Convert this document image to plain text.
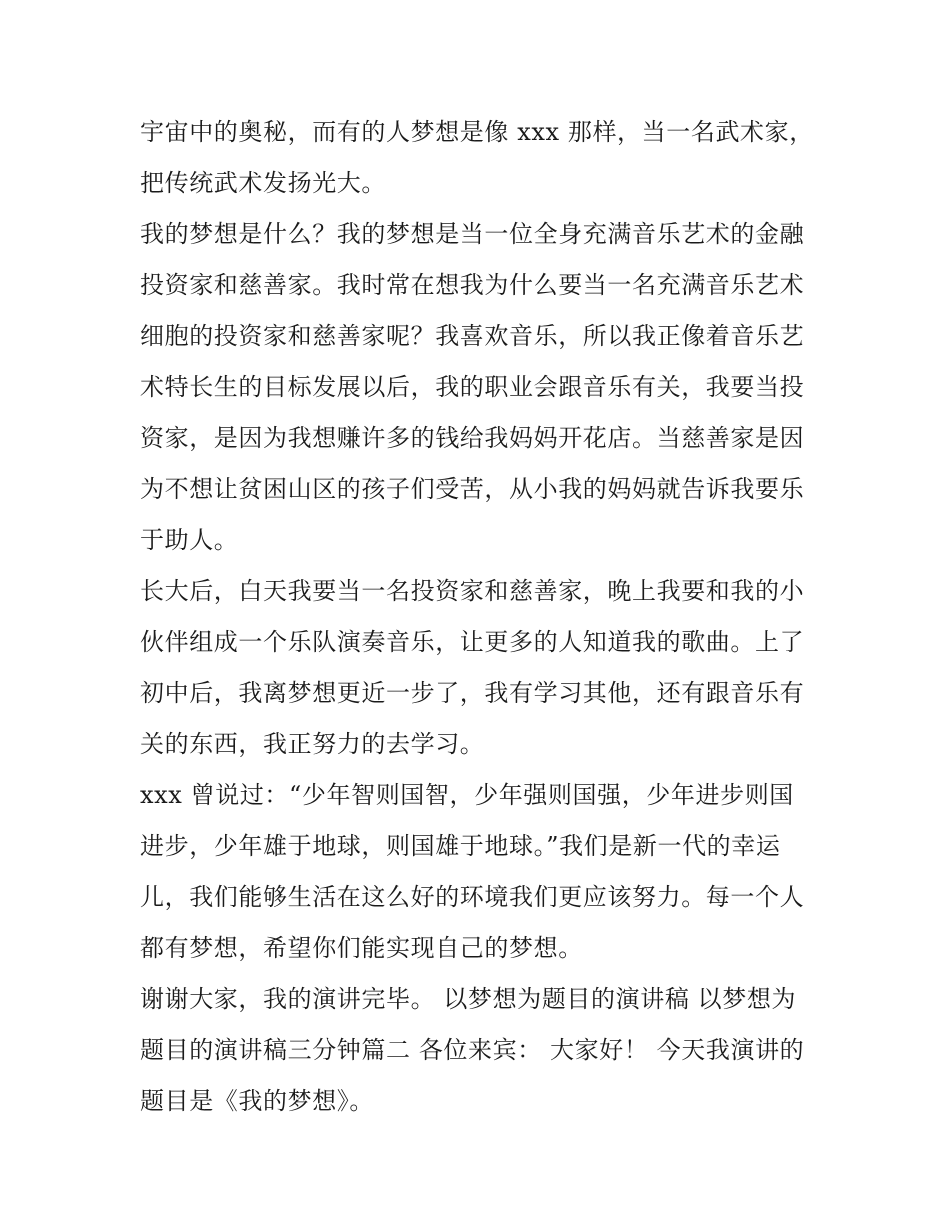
宇宙中的奥秘，而有的人梦想是像 xxx 那样，当一名武术家，
把传统武术发扬光大。
我的梦想是什么？我的梦想是当一位全身充满音乐艺术的金融
投资家和慈善家。我时常在想我为什么要当一名充满音乐艺术
细胞的投资家和慈善家呢？我喜欢音乐，所以我正像着音乐艺
术特长生的目标发展以后，我的职业会跟音乐有关，我要当投
资家，是因为我想赚许多的钱给我妈妈开花店。当慈善家是因
为不想让贫困山区的孩子们受苦，从小我的妈妈就告诉我要乐
于助人。
长大后，白天我要当一名投资家和慈善家，晚上我要和我的小
伙伴组成一个乐队演奏音乐，让更多的人知道我的歌曲。上了
初中后，我离梦想更近一步了，我有学习其他，还有跟音乐有
关的东西，我正努力的去学习。
xxx 曾说过：“少年智则国智，少年强则国强，少年进步则国
进步，少年雄于地球，则国雄于地球。”我们是新一代的幸运
儿，我们能够生活在这么好的环境我们更应该努力。每一个人
都有梦想，希望你们能实现自己的梦想。
谢谢大家，我的演讲完毕。 以梦想为题目的演讲稿 以梦想为
题目的演讲稿三分钟篇二 各位来宾： 大家好！ 今天我演讲的
题目是《我的梦想》。
